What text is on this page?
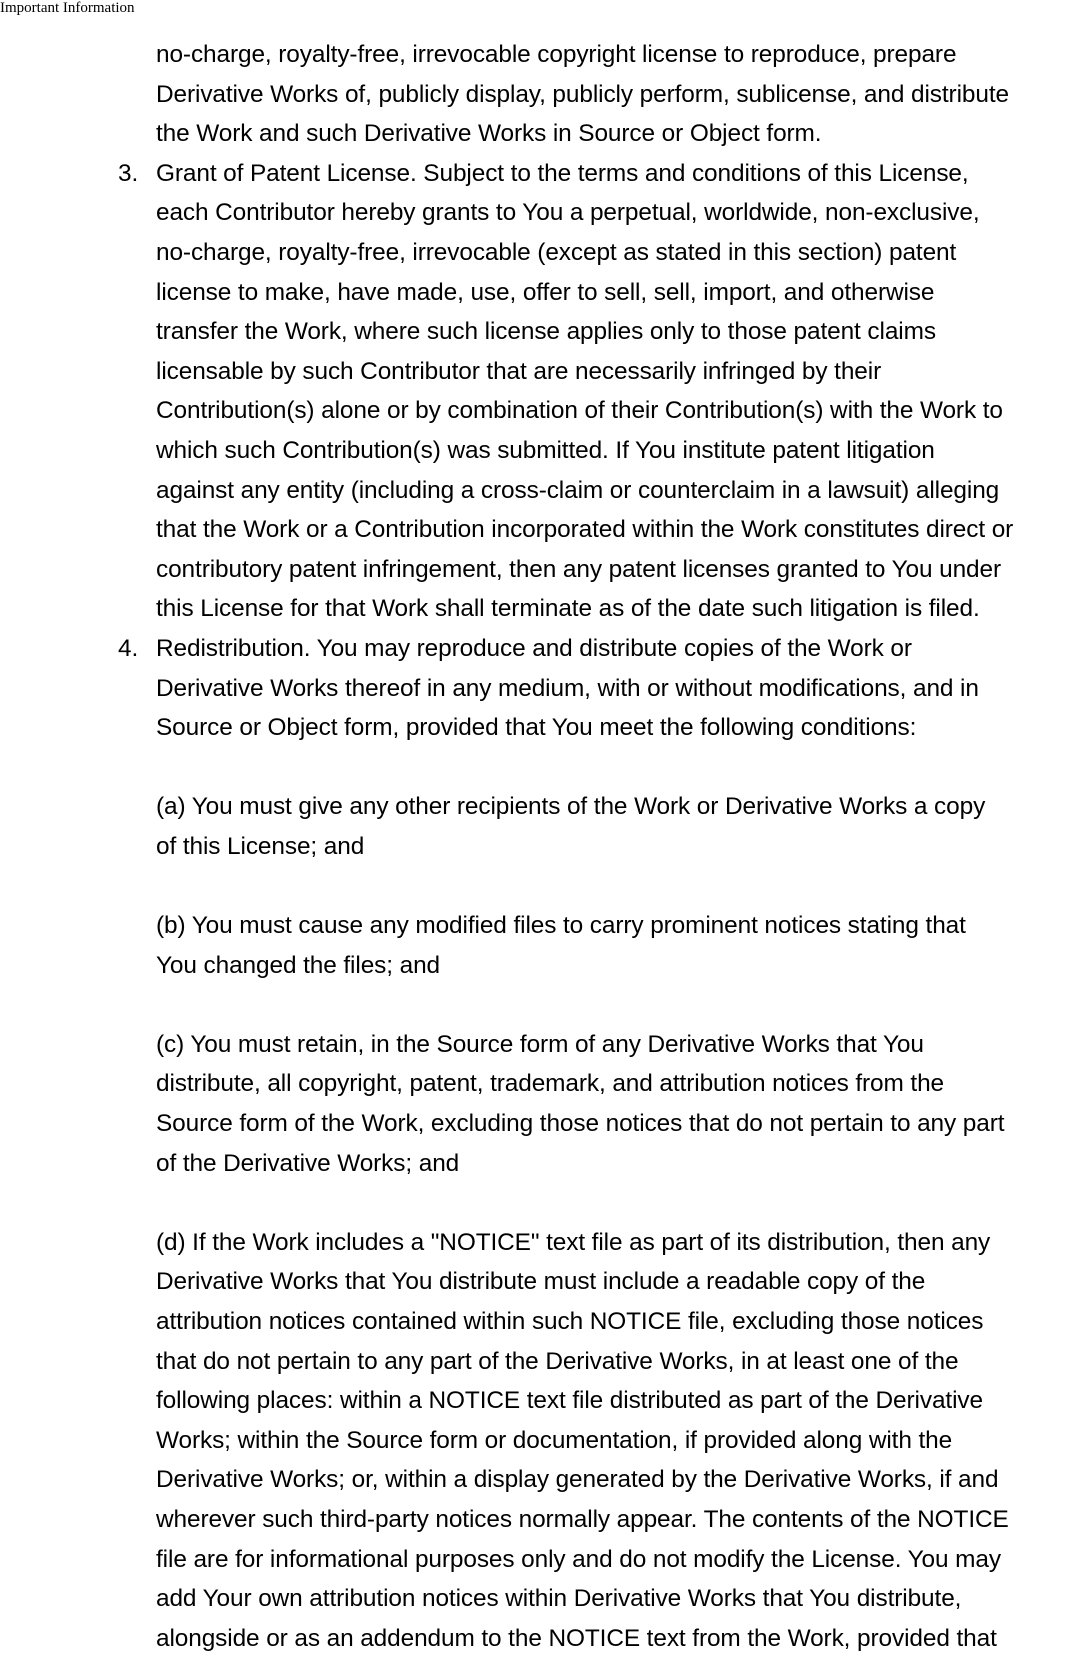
Important Information
no-charge, royalty-free, irrevocable copyright license to reproduce, prepare
Derivative Works of, publicly display, publicly perform, sublicense, and distribute
the Work and such Derivative Works in Source or Object form.
3. Grant of Patent License. Subject to the terms and conditions of this License,
each Contributor hereby grants to You a perpetual, worldwide, non-exclusive,
no-charge, royalty-free, irrevocable (except as stated in this section) patent
license to make, have made, use, offer to sell, sell, import, and otherwise
transfer the Work, where such license applies only to those patent claims
licensable by such Contributor that are necessarily infringed by their
Contribution(s) alone or by combination of their Contribution(s) with the Work to
which such Contribution(s) was submitted. If You institute patent litigation
against any entity (including a cross-claim or counterclaim in a lawsuit) alleging
that the Work or a Contribution incorporated within the Work constitutes direct or
contributory patent infringement, then any patent licenses granted to You under
this License for that Work shall terminate as of the date such litigation is filed.
4. Redistribution. You may reproduce and distribute copies of the Work or
Derivative Works thereof in any medium, with or without modifications, and in
Source or Object form, provided that You meet the following conditions:
(a) You must give any other recipients of the Work or Derivative Works a copy
of this License; and
(b) You must cause any modified files to carry prominent notices stating that
You changed the files; and
(c) You must retain, in the Source form of any Derivative Works that You
distribute, all copyright, patent, trademark, and attribution notices from the
Source form of the Work, excluding those notices that do not pertain to any part
of the Derivative Works; and
(d) If the Work includes a "NOTICE" text file as part of its distribution, then any
Derivative Works that You distribute must include a readable copy of the
attribution notices contained within such NOTICE file, excluding those notices
that do not pertain to any part of the Derivative Works, in at least one of the
following places: within a NOTICE text file distributed as part of the Derivative
Works; within the Source form or documentation, if provided along with the
Derivative Works; or, within a display generated by the Derivative Works, if and
wherever such third-party notices normally appear. The contents of the NOTICE
file are for informational purposes only and do not modify the License. You may
add Your own attribution notices within Derivative Works that You distribute,
alongside or as an addendum to the NOTICE text from the Work, provided that
